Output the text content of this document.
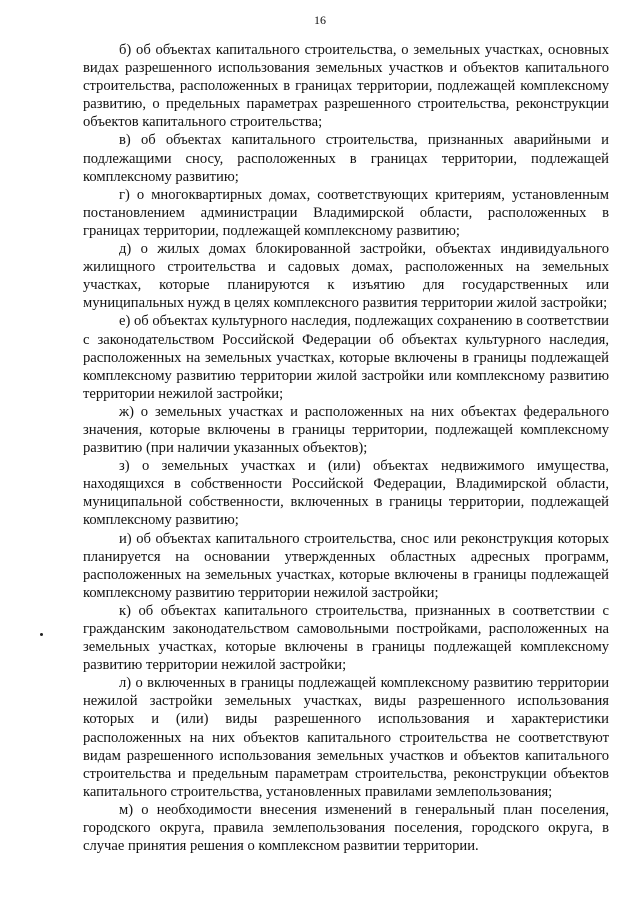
16

б) об объектах капитального строительства, о земельных участках, основных видах разрешенного использования земельных участков и объектов капитального строительства, расположенных в границах территории, подлежащей комплексному развитию, о предельных параметрах разрешенного строительства, реконструкции объектов капитального строительства;

в) об объектах капитального строительства, признанных аварийными и подлежащими сносу, расположенных в границах территории, подлежащей комплексному развитию;

г) о многоквартирных домах, соответствующих критериям, установленным постановлением администрации Владимирской области, расположенных в границах территории, подлежащей комплексному развитию;

д) о жилых домах блокированной застройки, объектах индивидуального жилищного строительства и садовых домах, расположенных на земельных участках, которые планируются к изъятию для государственных или муниципальных нужд в целях комплексного развития территории жилой застройки;

е) об объектах культурного наследия, подлежащих сохранению в соответствии с законодательством Российской Федерации об объектах культурного наследия, расположенных на земельных участках, которые включены в границы подлежащей комплексному развитию территории жилой застройки или комплексному развитию территории нежилой застройки;

ж) о земельных участках и расположенных на них объектах федерального значения, которые включены в границы территории, подлежащей комплексному развитию (при наличии указанных объектов);

з) о земельных участках и (или) объектах недвижимого имущества, находящихся в собственности Российской Федерации, Владимирской области, муниципальной собственности, включенных в границы территории, подлежащей комплексному развитию;

и) об объектах капитального строительства, снос или реконструкция которых планируется на основании утвержденных областных адресных программ, расположенных на земельных участках, которые включены в границы подлежащей комплексному развитию территории нежилой застройки;

к) об объектах капитального строительства, признанных в соответствии с гражданским законодательством самовольными постройками, расположенных на земельных участках, которые включены в границы подлежащей комплексному развитию территории нежилой застройки;

л) о включенных в границы подлежащей комплексному развитию территории нежилой застройки земельных участках, виды разрешенного использования которых и (или) виды разрешенного использования и характеристики расположенных на них объектов капитального строительства не соответствуют видам разрешенного использования земельных участков и объектов капитального строительства и предельным параметрам строительства, реконструкции объектов капитального строительства, установленных правилами землепользования;

м) о необходимости внесения изменений в генеральный план поселения, городского округа, правила землепользования поселения, городского округа, в случае принятия решения о комплексном развитии территории.
